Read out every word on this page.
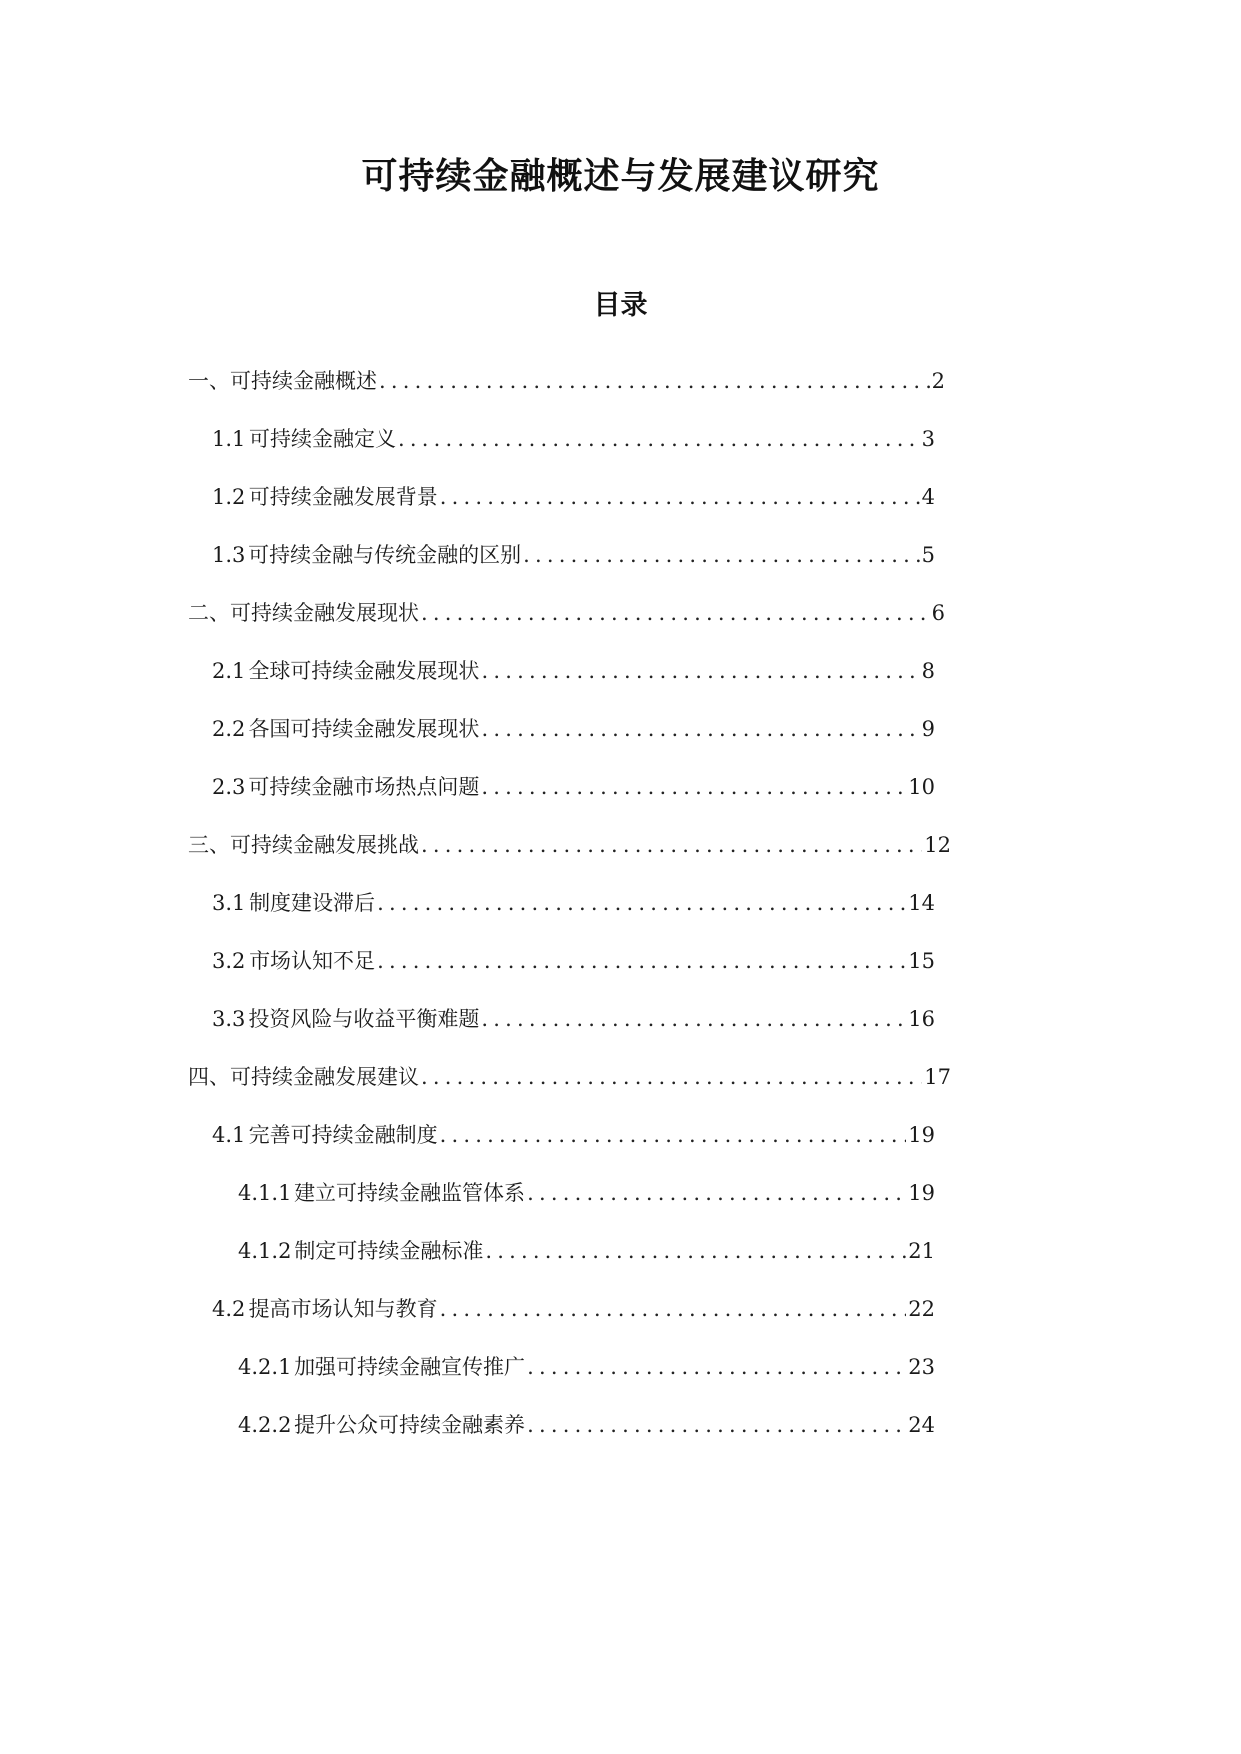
可持续金融概述与发展建议研究
目录
一、可持续金融概述 .....	2
1.1 可持续金融定义 .....	3
1.2 可持续金融发展背景 .....	4
1.3 可持续金融与传统金融的区别 .....	5
二、可持续金融发展现状 .....	6
2.1 全球可持续金融发展现状 .....	8
2.2 各国可持续金融发展现状 .....	9
2.3 可持续金融市场热点问题 .....	10
三、可持续金融发展挑战 .....	12
3.1 制度建设滞后 .....	14
3.2 市场认知不足 .....	15
3.3 投资风险与收益平衡难题 .....	16
四、可持续金融发展建议 .....	17
4.1 完善可持续金融制度 .....	19
4.1.1 建立可持续金融监管体系 .....	19
4.1.2 制定可持续金融标准 .....	21
4.2 提高市场认知与教育 .....	22
4.2.1 加强可持续金融宣传推广 .....	23
4.2.2 提升公众可持续金融素养 .....	24
